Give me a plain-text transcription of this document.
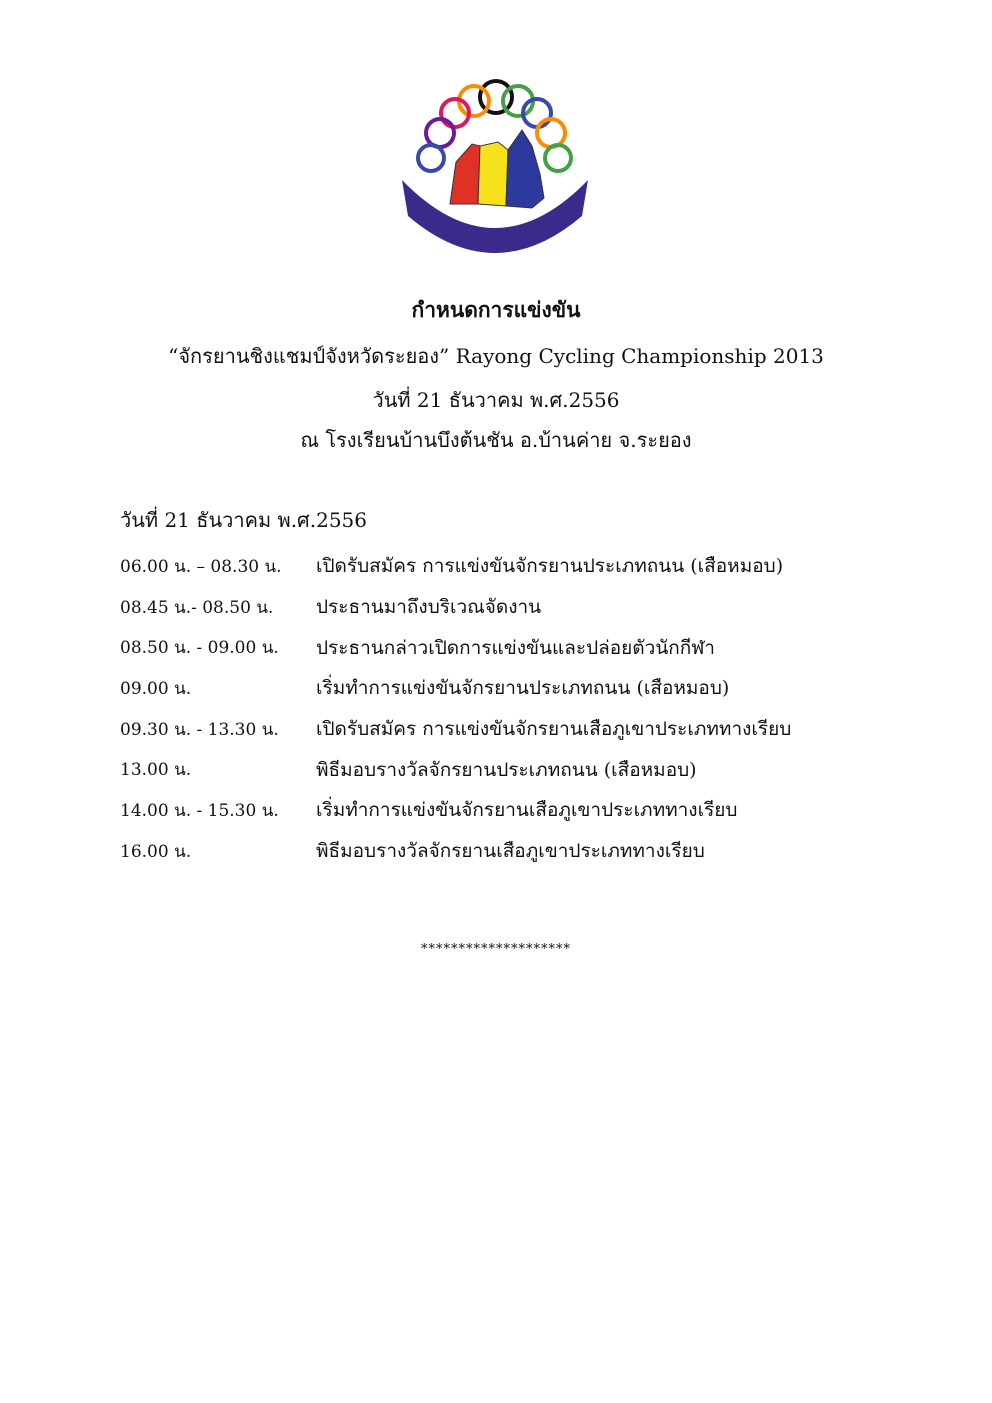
มหกรรมกีฬาจังหวัดระยอง
กำหนดการแข่งขัน
“จักรยานชิงแชมป์จังหวัดระยอง” Rayong Cycling Championship 2013
วันที่ 21 ธันวาคม พ.ศ.2556
ณ โรงเรียนบ้านบึงต้นชัน อ.บ้านค่าย จ.ระยอง
วันที่ 21 ธันวาคม พ.ศ.2556
06.00 น. – 08.30 น.	เปิดรับสมัคร การแข่งขันจักรยานประเภทถนน (เสือหมอบ)
08.45 น.- 08.50 น.	ประธานมาถึงบริเวณจัดงาน
08.50 น. - 09.00 น.	ประธานกล่าวเปิดการแข่งขันและปล่อยตัวนักกีฬา
09.00 น.	เริ่มทำการแข่งขันจักรยานประเภทถนน (เสือหมอบ)
09.30 น. - 13.30 น.	เปิดรับสมัคร การแข่งขันจักรยานเสือภูเขาประเภททางเรียบ
13.00 น.	พิธีมอบรางวัลจักรยานประเภทถนน (เสือหมอบ)
14.00 น. - 15.30 น.	เริ่มทำการแข่งขันจักรยานเสือภูเขาประเภททางเรียบ
16.00 น.	พิธีมอบรางวัลจักรยานเสือภูเขาประเภททางเรียบ
********************
